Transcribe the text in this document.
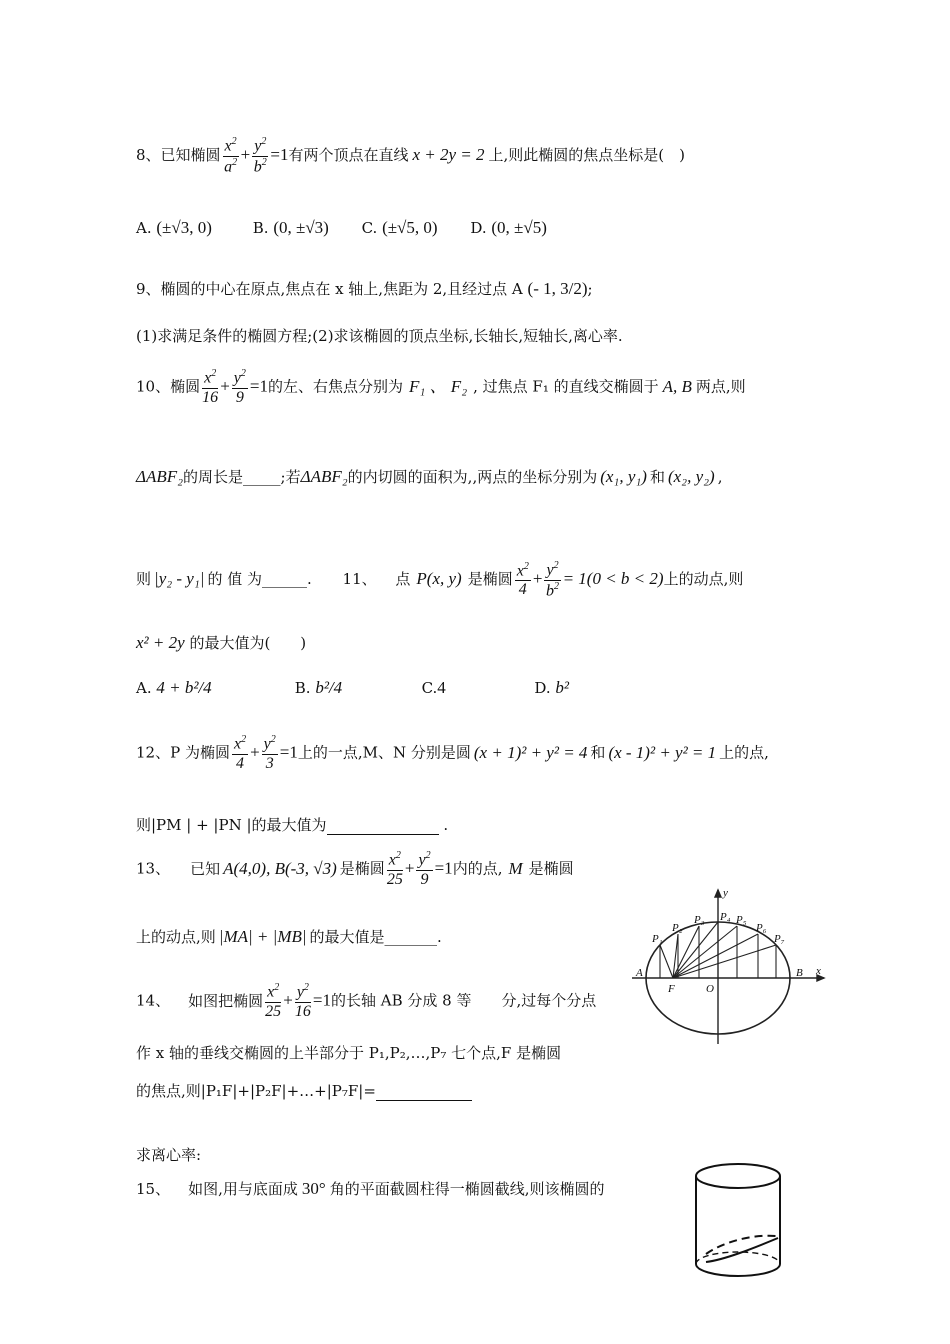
8、已知椭圆 $\frac{x^2}{a^2} + \frac{y^2}{b^2} =1$有两个顶点在直线 x + 2y = 2 上,则此椭圆的焦点坐标是(　)
A. (±√3, 0)	B. (0, ±√3) C. (±√5, 0) D. (0, ±√5)
9、椭圆的中心在原点,焦点在 x 轴上,焦距为 2,且经过点 A (- 1, 3/2);
(1)求满足条件的椭圆方程;(2)求该椭圆的顶点坐标,长轴长,短轴长,离心率.
10、椭圆 $\frac{x^2}{16} + \frac{y^2}{9} =1$的左、右焦点分别为 F₁ 、 F₂ , 过焦点 F₁ 的直线交椭圆于 A, B 两点,则
ΔABF₂的周长是_____;若ΔABF₂的内切圆的面积为,,两点的坐标分别为 (x₁, y₁) 和 (x₂, y₂) ,
则 |y₂ - y₁| 的 值 为______. 11、 点 P(x, y) 是椭圆 $\frac{x^2}{4} + \frac{y^2}{b^2} = 1(0 < b < 2)$上的动点,则
x² + 2y 的最大值为(　　)
A. 4 + b²/4	B. b²/4	C.4	D. b²
12、P 为椭圆 $\frac{x^2}{4} + \frac{y^2}{3} =1$上的一点,M、N 分别是圆 (x + 1)² + y² = 4 和 (x - 1)² + y² = 1 上的点,
则|PM | + |PN |的最大值为	.
13、 已知 A(4,0), B(-3, √3) 是椭圆 $\frac{x^2}{25} + \frac{y^2}{9} =1$内的点, M 是椭圆
上的动点,则 |MA| + |MB| 的最大值是_______.
14、 如图把椭圆 $\frac{x^2}{25} + \frac{y^2}{16} =1$的长轴 AB 分成 8 等　　分,过每个分点
作 x 轴的垂线交椭圆的上半部分于 P₁,P₂,…,P₇ 七个点,F 是椭圆
的焦点,则|P₁F|+|P₂F|+…+|P₇F|=
求离心率:
15、 如图,用与底面成 30° 角的平面截圆柱得一椭圆截线,则该椭圆的
y
P₁
P₂
P₃ P₄ P₅
P₆
P₇
A	B x
F	O
